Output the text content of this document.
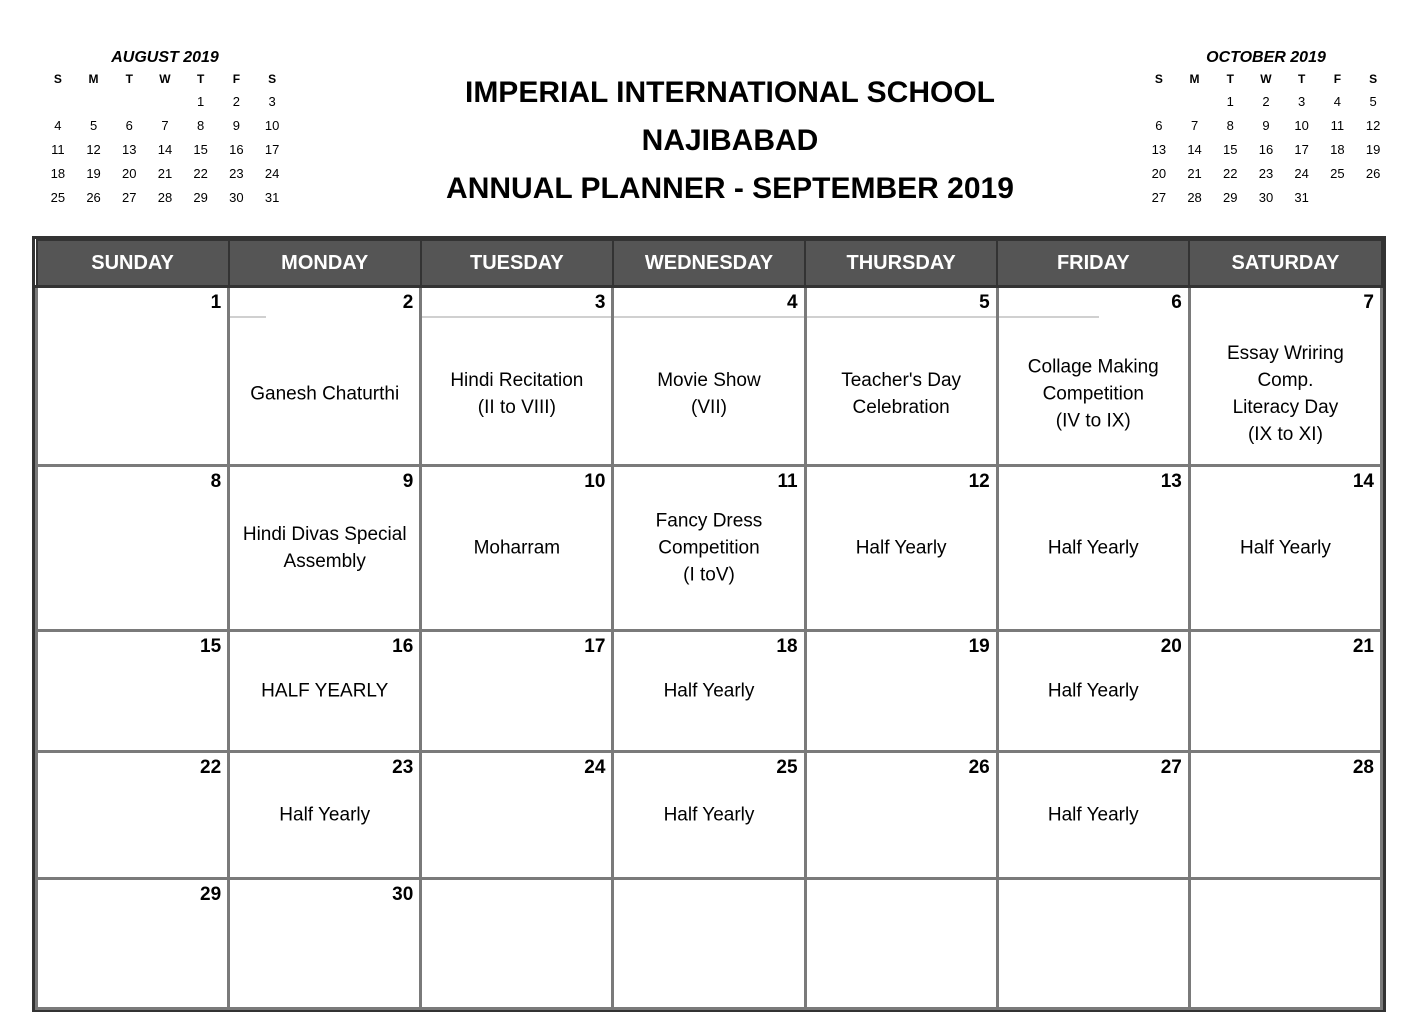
AUGUST 2019
S	M	T	W	T	F	S
				1	2	3
4	5	6	7	8	9	10
11	12	13	14	15	16	17
18	19	20	21	22	23	24
25	26	27	28	29	30	31
OCTOBER 2019
S	M	T	W	T	F	S
		1	2	3	4	5
6	7	8	9	10	11	12
13	14	15	16	17	18	19
20	21	22	23	24	25	26
27	28	29	30	31		
IMPERIAL INTERNATIONAL SCHOOL
NAJIBABAD
ANNUAL PLANNER - SEPTEMBER 2019
SUNDAY	MONDAY	TUESDAY	WEDNESDAY	THURSDAY	FRIDAY	SATURDAY

1	2
Ganesh Chaturthi	3
Hindi Recitation
(II to VIII)	4
Movie Show
(VII)	5
Teacher's Day
Celebration	6
Collage Making
Competition
(IV to IX)	7
Essay Wriring
Comp.
Literacy Day
(IX to XI)

8	9
Hindi Divas Special
Assembly	10
Moharram	11
Fancy Dress
Competition
(I toV)	12
Half Yearly	13
Half Yearly	14
Half Yearly

15	16
HALF YEARLY	17	18
Half Yearly	19	20
Half Yearly	21

22	23
Half Yearly	24	25
Half Yearly	26	27
Half Yearly	28

29	30					
